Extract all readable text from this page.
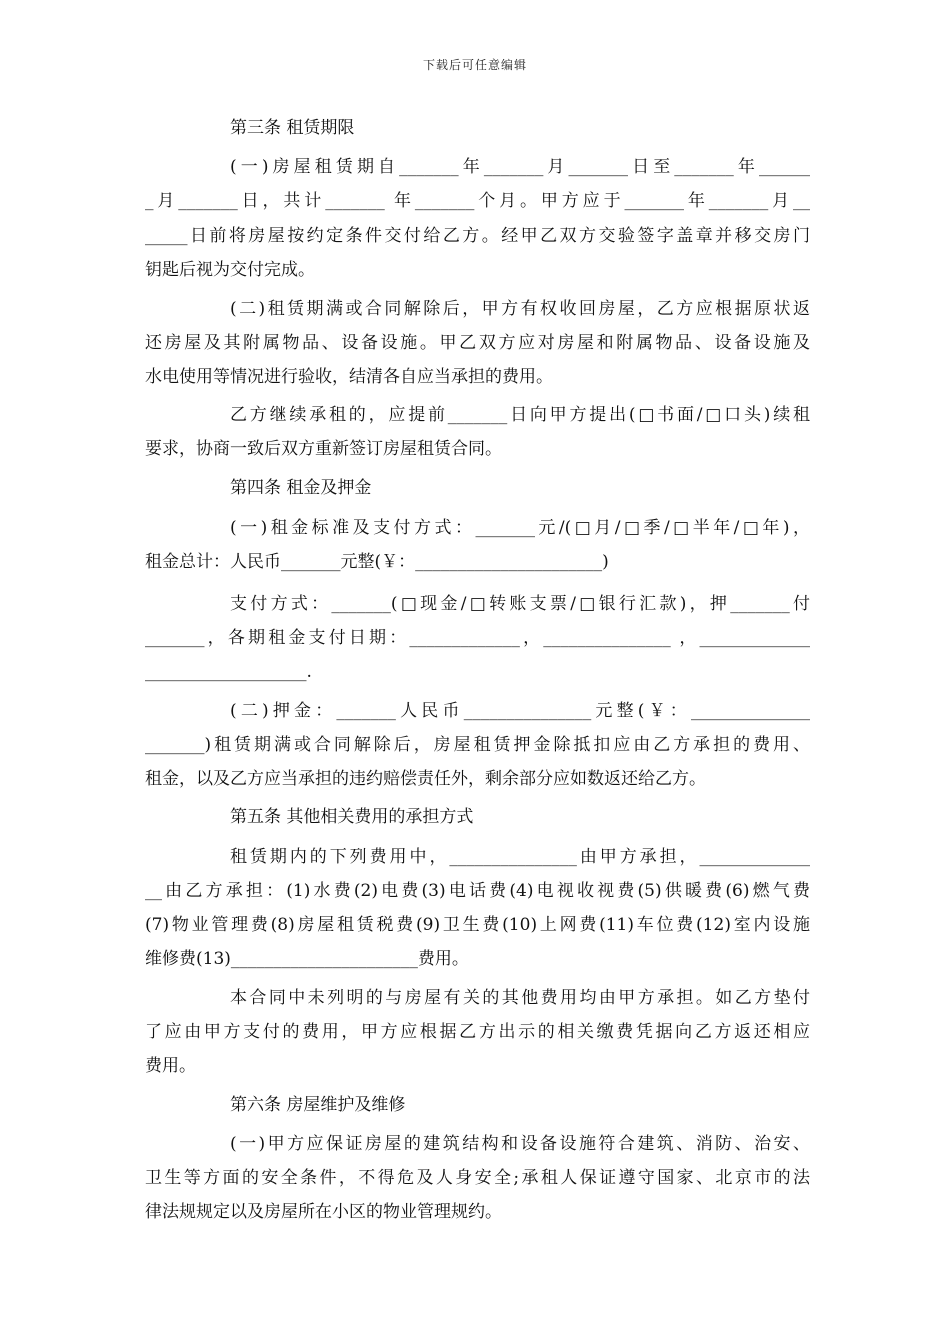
下载后可任意编辑
第三条 租赁期限
(一)房屋租赁期自_______年_______月_______日至_______年______
_月_______日，共计_______ 年_______个月。甲方应于_______年_______月__
_____日前将房屋按约定条件交付给乙方。经甲乙双方交验签字盖章并移交房门
钥匙后视为交付完成。
(二)租赁期满或合同解除后，甲方有权收回房屋，乙方应根据原状返
还房屋及其附属物品、设备设施。甲乙双方应对房屋和附属物品、设备设施及
水电使用等情况进行验收，结清各自应当承担的费用。
乙方继续承租的，应提前_______日向甲方提出(□书面/□口头)续租
要求，协商一致后双方重新签订房屋租赁合同。
第四条 租金及押金
(一)租金标准及支付方式：_______元/(□月/□季/□半年/□年)，
租金总计：人民币_______元整(￥：______________________)
支付方式：_______(□现金/□转账支票/□银行汇款)，押_______付
_______，各期租金支付日期：_____________，_______________ ，_____________
___________________.
(二)押金：_______人民币_______________元整(￥：______________
_______)租赁期满或合同解除后，房屋租赁押金除抵扣应由乙方承担的费用、
租金，以及乙方应当承担的违约赔偿责任外，剩余部分应如数返还给乙方。
第五条 其他相关费用的承担方式
租赁期内的下列费用中，_______________由甲方承担，_____________
__由乙方承担：(1)水费(2)电费(3)电话费(4)电视收视费(5)供暖费(6)燃气费
(7)物业管理费(8)房屋租赁税费(9)卫生费(10)上网费(11)车位费(12)室内设施
维修费(13)______________________费用。
本合同中未列明的与房屋有关的其他费用均由甲方承担。如乙方垫付
了应由甲方支付的费用，甲方应根据乙方出示的相关缴费凭据向乙方返还相应
费用。
第六条 房屋维护及维修
(一)甲方应保证房屋的建筑结构和设备设施符合建筑、消防、治安、
卫生等方面的安全条件，不得危及人身安全;承租人保证遵守国家、北京市的法
律法规规定以及房屋所在小区的物业管理规约。
